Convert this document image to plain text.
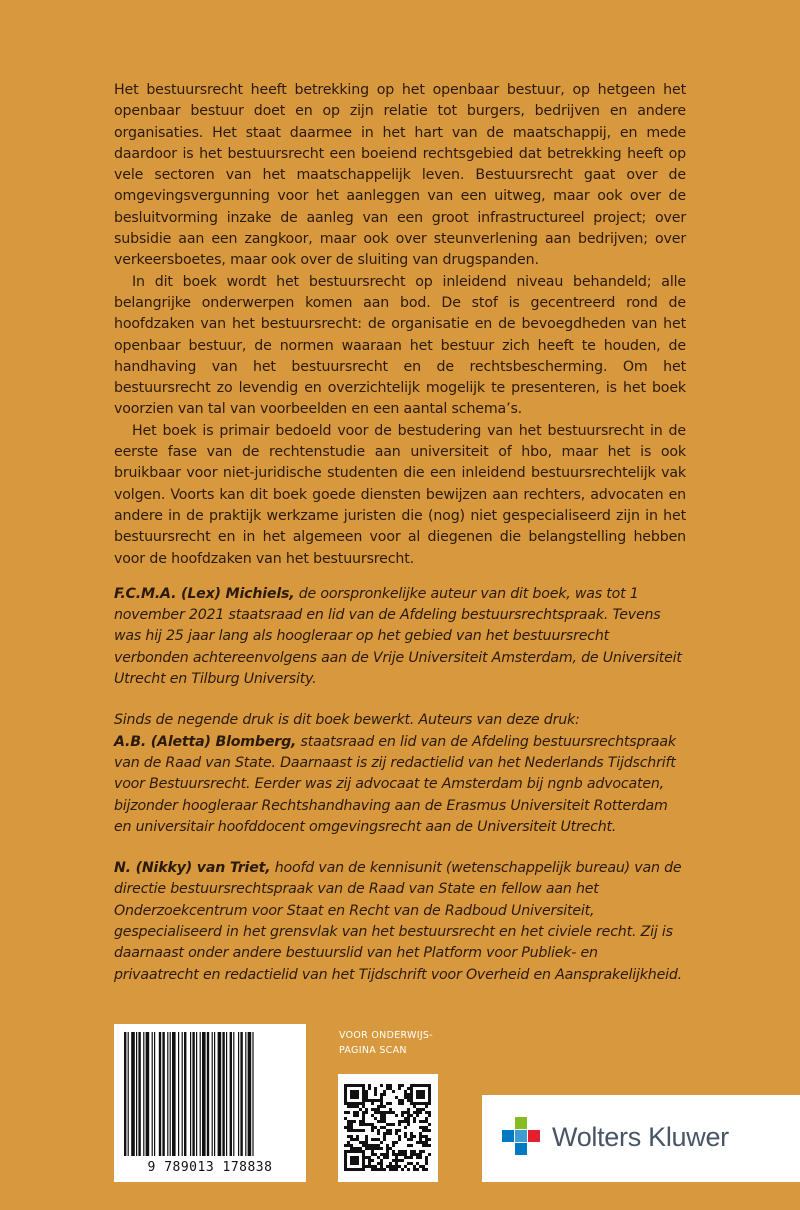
Het bestuursrecht heeft betrekking op het openbaar bestuur, op hetgeen het openbaar bestuur doet en op zijn relatie tot burgers, bedrijven en andere organisaties. Het staat daarmee in het hart van de maatschappij, en mede daardoor is het bestuursrecht een boeiend rechtsgebied dat betrekking heeft op vele sectoren van het maatschappelijk leven. Bestuursrecht gaat over de omgevingsvergunning voor het aanleggen van een uitweg, maar ook over de besluitvorming inzake de aanleg van een groot infrastructureel project; over subsidie aan een zangkoor, maar ook over steunverlening aan bedrijven; over verkeersboetes, maar ook over de sluiting van drugspanden.

In dit boek wordt het bestuursrecht op inleidend niveau behandeld; alle belangrijke onderwerpen komen aan bod. De stof is gecentreerd rond de hoofdzaken van het bestuursrecht: de organisatie en de bevoegdheden van het openbaar bestuur, de normen waaraan het bestuur zich heeft te houden, de handhaving van het bestuursrecht en de rechtsbescherming. Om het bestuursrecht zo levendig en overzichtelijk mogelijk te presenteren, is het boek voorzien van tal van voorbeelden en een aantal schema’s.

Het boek is primair bedoeld voor de bestudering van het bestuursrecht in de eerste fase van de rechtenstudie aan universiteit of hbo, maar het is ook bruikbaar voor niet-juridische studenten die een inleidend bestuursrechtelijk vak volgen. Voorts kan dit boek goede diensten bewijzen aan rechters, advocaten en andere in de praktijk werkzame juristen die (nog) niet gespecialiseerd zijn in het bestuursrecht en in het algemeen voor al diegenen die belangstelling hebben voor de hoofdzaken van het bestuursrecht.

F.C.M.A. (Lex) Michiels, de oorspronkelijke auteur van dit boek, was tot 1 november 2021 staatsraad en lid van de Afdeling bestuursrechtspraak. Tevens was hij 25 jaar lang als hoogleraar op het gebied van het bestuursrecht verbonden achtereenvolgens aan de Vrije Universiteit Amsterdam, de Universiteit Utrecht en Tilburg University.

Sinds de negende druk is dit boek bewerkt. Auteurs van deze druk:

A.B. (Aletta) Blomberg, staatsraad en lid van de Afdeling bestuursrechtspraak van de Raad van State. Daarnaast is zij redactielid van het Nederlands Tijdschrift voor Bestuursrecht. Eerder was zij advocaat te Amsterdam bij ngnb advocaten, bijzonder hoogleraar Rechtshandhaving aan de Erasmus Universiteit Rotterdam en universitair hoofddocent omgevingsrecht aan de Universiteit Utrecht.

N. (Nikky) van Triet, hoofd van de kennisunit (wetenschappelijk bureau) van de directie bestuursrechtspraak van de Raad van State en fellow aan het Onderzoekcentrum voor Staat en Recht van de Radboud Universiteit, gespecialiseerd in het grensvlak van het bestuursrecht en het civiele recht. Zij is daarnaast onder andere bestuurslid van het Platform voor Publiek- en privaatrecht en redactielid van het Tijdschrift voor Overheid en Aansprakelijkheid.

9 789013 178838
VOOR ONDERWIJS-
PAGINA SCAN
Wolters Kluwer
